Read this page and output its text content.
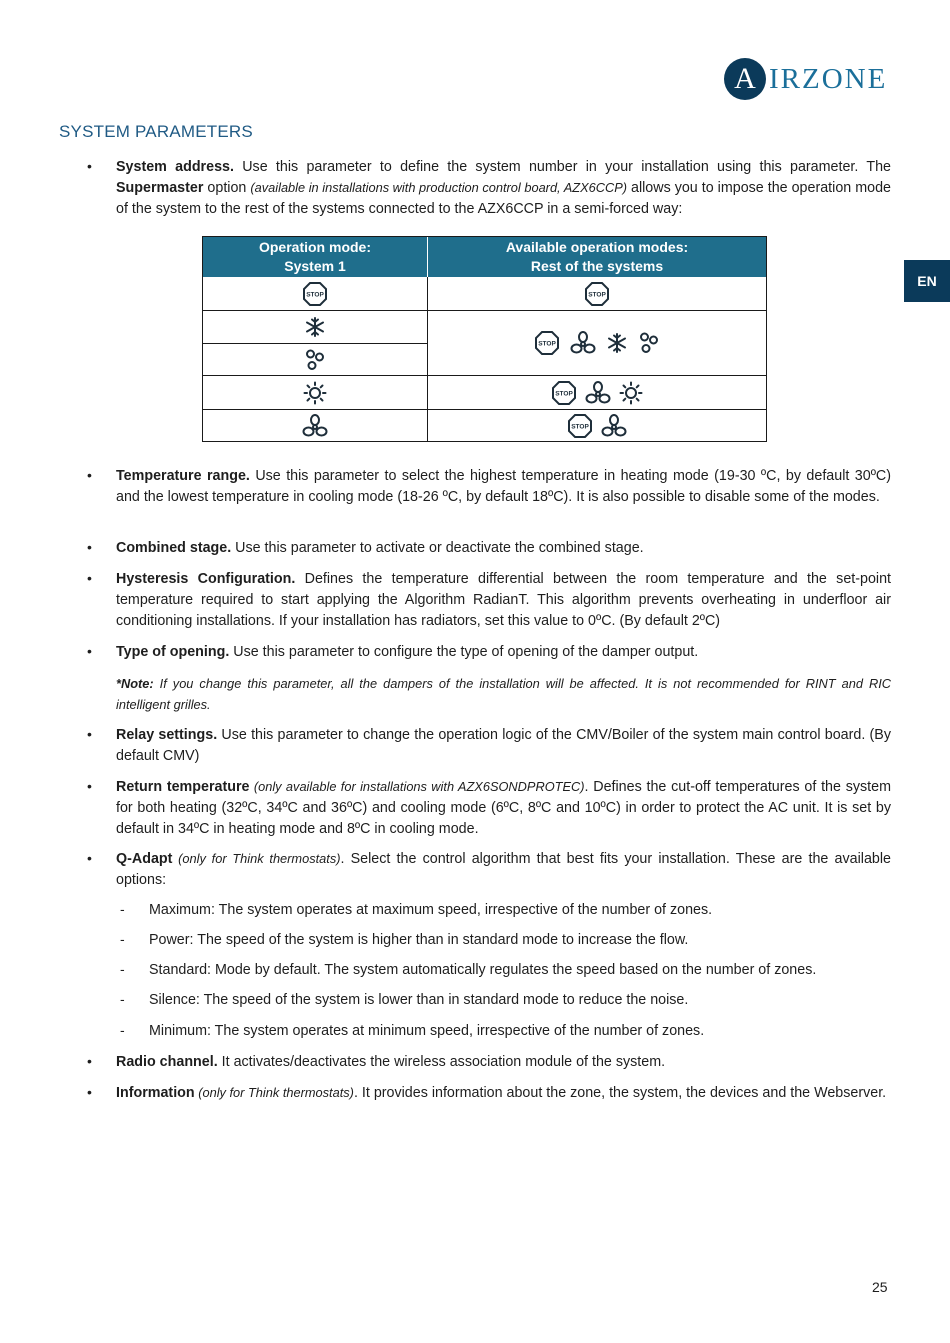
A IRZONE
EN
SYSTEM PARAMETERS
• System address. Use this parameter to define the system number in your installation using this parameter. The Supermaster option (available in installations with production control board, AZX6CCP) allows you to impose the operation mode of the system to the rest of the systems connected to the AZX6CCP in a semi-forced way:
Operation mode:
System 1
Available operation modes:
Rest of the systems
STOP	STOP
STOP
STOP
STOP
• Temperature range. Use this parameter to select the highest temperature in heating mode (19-30 ºC, by default 30ºC) and the lowest temperature in cooling mode (18-26 ºC, by default 18ºC). It is also possible to disable some of the modes.
• Combined stage. Use this parameter to activate or deactivate the combined stage.
• Hysteresis Configuration. Defines the temperature differential between the room temperature and the set-point temperature required to start applying the Algorithm RadianT. This algorithm prevents overheating in underfloor air conditioning installations. If your installation has radiators, set this value to 0ºC. (By default 2ºC)
• Type of opening. Use this parameter to configure the type of opening of the damper output.
*Note: If you change this parameter, all the dampers of the installation will be affected. It is not recommended for RINT and RIC intelligent grilles.
• Relay settings. Use this parameter to change the operation logic of the CMV/Boiler of the system main control board. (By default CMV)
• Return temperature (only available for installations with AZX6SONDPROTEC). Defines the cut-off temperatures of the system for both heating (32ºC, 34ºC and 36ºC) and cooling mode (6ºC, 8ºC and 10ºC) in order to protect the AC unit. It is set by default in 34ºC in heating mode and 8ºC in cooling mode.
• Q-Adapt (only for Think thermostats). Select the control algorithm that best fits your installation. These are the available options:
- Maximum: The system operates at maximum speed, irrespective of the number of zones.
- Power: The speed of the system is higher than in standard mode to increase the flow.
- Standard: Mode by default. The system automatically regulates the speed based on the number of zones.
- Silence: The speed of the system is lower than in standard mode to reduce the noise.
- Minimum: The system operates at minimum speed, irrespective of the number of zones.
• Radio channel. It activates/deactivates the wireless association module of the system.
• Information (only for Think thermostats). It provides information about the zone, the system, the devices and the Webserver.
25
